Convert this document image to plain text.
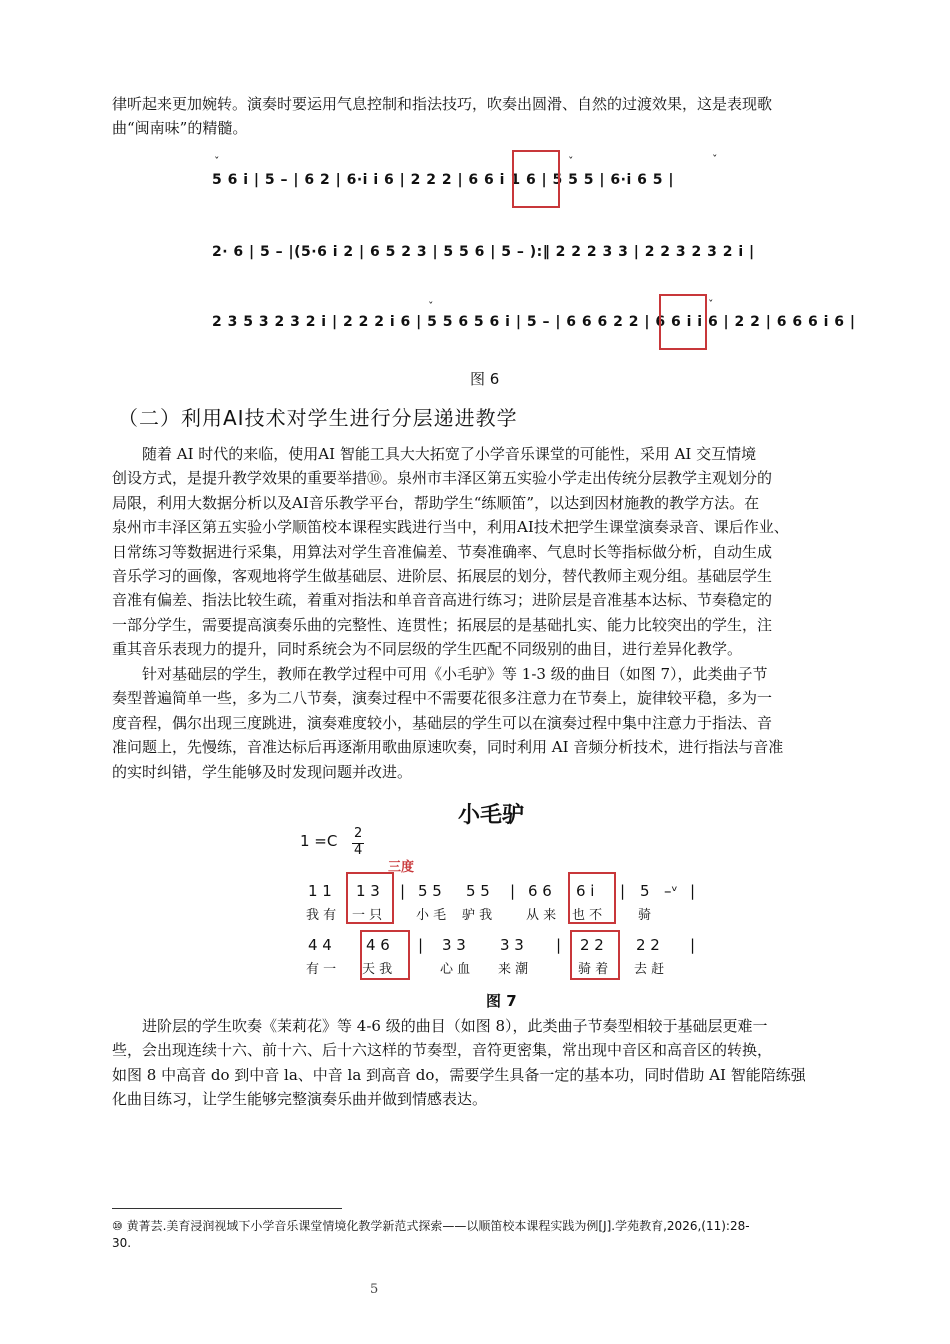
律听起来更加婉转。演奏时要运用气息控制和指法技巧，吹奏出圆滑、自然的过渡效果，这是表现歌
曲“闽南味”的精髓。
ˇ	ˇ	ˇ
5 6 i | 5 – | 6 2 | 6·i i 6 | 2 2 2 | 6 6 i 1 6 | 5 5 5 | 6·i 6 5 |
2· 6 | 5 – |(5·6 i 2 | 6 5 2 3 | 5 5 6 | 5 – ):‖ 2 2 2 3 3 | 2 2 3 2 3 2 i |
ˇ	ˇ
2 3 5 3 2 3 2 i | 2 2 2 i 6 | 5 5 6 5 6 i | 5 – | 6 6 6 2 2 | 6 6 i i 6 | 2 2 | 6 6 6 i 6 |
图 6
（二）利用AI技术对学生进行分层递进教学
随着 AI 时代的来临，使用AI 智能工具大大拓宽了小学音乐课堂的可能性，采用 AI 交互情境
创设方式，是提升教学效果的重要举措⑩。泉州市丰泽区第五实验小学走出传统分层教学主观划分的
局限，利用大数据分析以及AI音乐教学平台，帮助学生“练顺笛”，以达到因材施教的教学方法。在
泉州市丰泽区第五实验小学顺笛校本课程实践进行当中，利用AI技术把学生课堂演奏录音、课后作业、
日常练习等数据进行采集，用算法对学生音准偏差、节奏准确率、气息时长等指标做分析，自动生成
音乐学习的画像，客观地将学生做基础层、进阶层、拓展层的划分，替代教师主观分组。基础层学生
音准有偏差、指法比较生疏，着重对指法和单音音高进行练习；进阶层是音准基本达标、节奏稳定的
一部分学生，需要提高演奏乐曲的完整性、连贯性；拓展层的是基础扎实、能力比较突出的学生，注
重其音乐表现力的提升，同时系统会为不同层级的学生匹配不同级别的曲目，进行差异化教学。
针对基础层的学生，教师在教学过程中可用《小毛驴》等 1-3 级的曲目（如图 7），此类曲子节
奏型普遍简单一些，多为二八节奏，演奏过程中不需要花很多注意力在节奏上，旋律较平稳，多为一
度音程，偶尔出现三度跳进，演奏难度较小，基础层的学生可以在演奏过程中集中注意力于指法、音
准问题上，先慢练，音准达标后再逐渐用歌曲原速吹奏，同时利用 AI 音频分析技术，进行指法与音准
的实时纠错，学生能够及时发现问题并改进。
小毛驴
1 =C 2
4
三度
1 1 1 3 | 5 5 5 5 | 6 6 6 i | 5 –ᵛ |
我 有 一 只	小 毛 驴 我	从 来 也 不	骑
4 4 4 6 | 3 3 3 3 | 2 2 2 2 |
有 一 天 我	心 血 来 潮	骑 着 去 赶
图 7
进阶层的学生吹奏《茉莉花》等 4-6 级的曲目（如图 8），此类曲子节奏型相较于基础层更难一
些，会出现连续十六、前十六、后十六这样的节奏型，音符更密集，常出现中音区和高音区的转换，
如图 8 中高音 do 到中音 la、中音 la 到高音 do，需要学生具备一定的基本功，同时借助 AI 智能陪练强
化曲目练习，让学生能够完整演奏乐曲并做到情感表达。
⑩ 黄菁芸.美育浸润视域下小学音乐课堂情境化教学新范式探索——以顺笛校本课程实践为例[J].学苑教育,2026,(11):28-
30.
5
